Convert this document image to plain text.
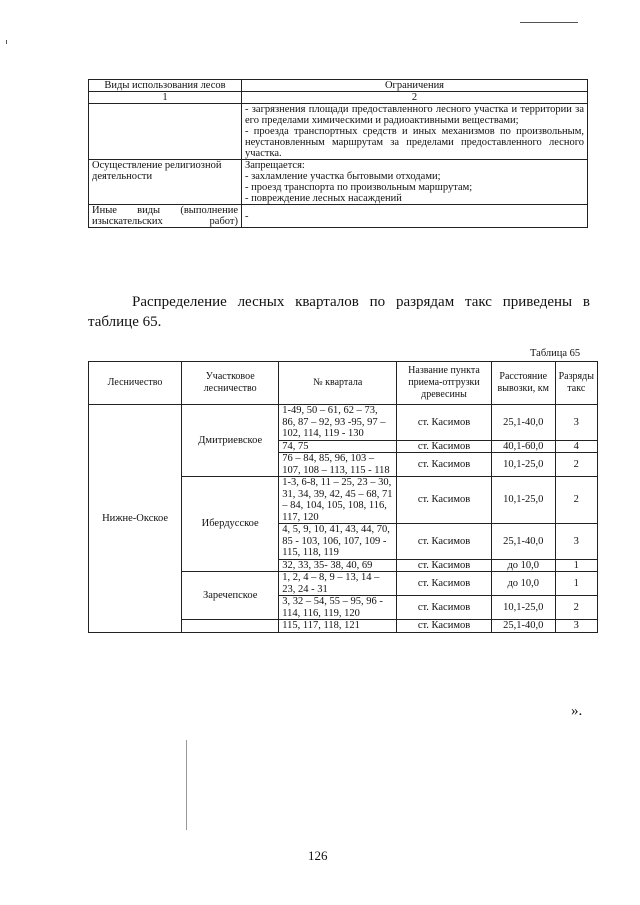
Виды использования лесов	Ограничения
1	2

	- загрязнения площади предоставленного лесного участка и территории за его пределами химическими и радиоактивными веществами;
- проезда транспортных средств и иных механизмов по произвольным, неустановленным маршрутам за пределами предоставленного лесного участка.

Осуществление религиозной деятельности	Запрещается:
- захламление участка бытовыми отходами;
- проезд транспорта по произвольным маршрутам;
- повреждение лесных насаждений

Иные виды (выполнение изыскательских работ)	-
Распределение лесных кварталов по разрядам такс приведены в
таблице 65.
Таблица 65
Лесничество	Участковое лесничество	№ квартала	Название пункта приема-отгрузки древесины	Расстояние вывозки, км	Разряды такс
Нижне-Окское	Дмитриевское	1-49, 50 – 61, 62 – 73, 86, 87 – 92, 93 -95, 97 – 102, 114, 119 - 130	ст. Касимов	25,1-40,0	3
		74, 75	ст. Касимов	40,1-60,0	4
		76 – 84, 85, 96, 103 – 107, 108 – 113, 115 - 118	ст. Касимов	10,1-25,0	2
	Ибердусское	1-3, 6-8, 11 – 25, 23 – 30, 31, 34, 39, 42, 45 – 68, 71 – 84, 104, 105, 108, 116, 117, 120	ст. Касимов	10,1-25,0	2
		4, 5, 9, 10, 41, 43, 44, 70, 85 - 103, 106, 107, 109 - 115, 118, 119	ст. Касимов	25,1-40,0	3
		32, 33, 35- 38, 40, 69	ст. Касимов	до 10,0	1
	Заречепское	1, 2, 4 – 8, 9 – 13, 14 – 23, 24 - 31	ст. Касимов	до 10,0	1
		3, 32 – 54, 55 – 95, 96 - 114, 116, 119, 120	ст. Касимов	10,1-25,0	2
		115, 117, 118, 121	ст. Касимов	25,1-40,0	3
».
126
